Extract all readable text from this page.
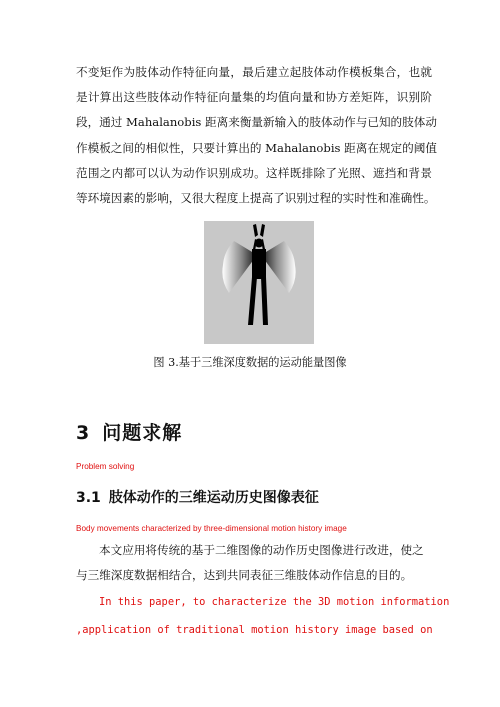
不变矩作为肢体动作特征向量，最后建立起肢体动作模板集合，也就
是计算出这些肢体动作特征向量集的均值向量和协方差矩阵，识别阶
段，通过 Mahalanobis 距离来衡量新输入的肢体动作与已知的肢体动
作模板之间的相似性，只要计算出的 Mahalanobis 距离在规定的阈值
范围之内都可以认为动作识别成功。这样既排除了光照、遮挡和背景
等环境因素的影响，又很大程度上提高了识别过程的实时性和准确性。

图 3.基于三维深度数据的运动能量图像

3 问题求解

Problem solving

3.1 肢体动作的三维运动历史图像表征

Body movements characterized by three-dimensional motion history image

本文应用将传统的基于二维图像的动作历史图像进行改进，使之
与三维深度数据相结合，达到共同表征三维肢体动作信息的目的。

In this paper, to characterize the 3D motion information
,application of traditional motion history image based on
